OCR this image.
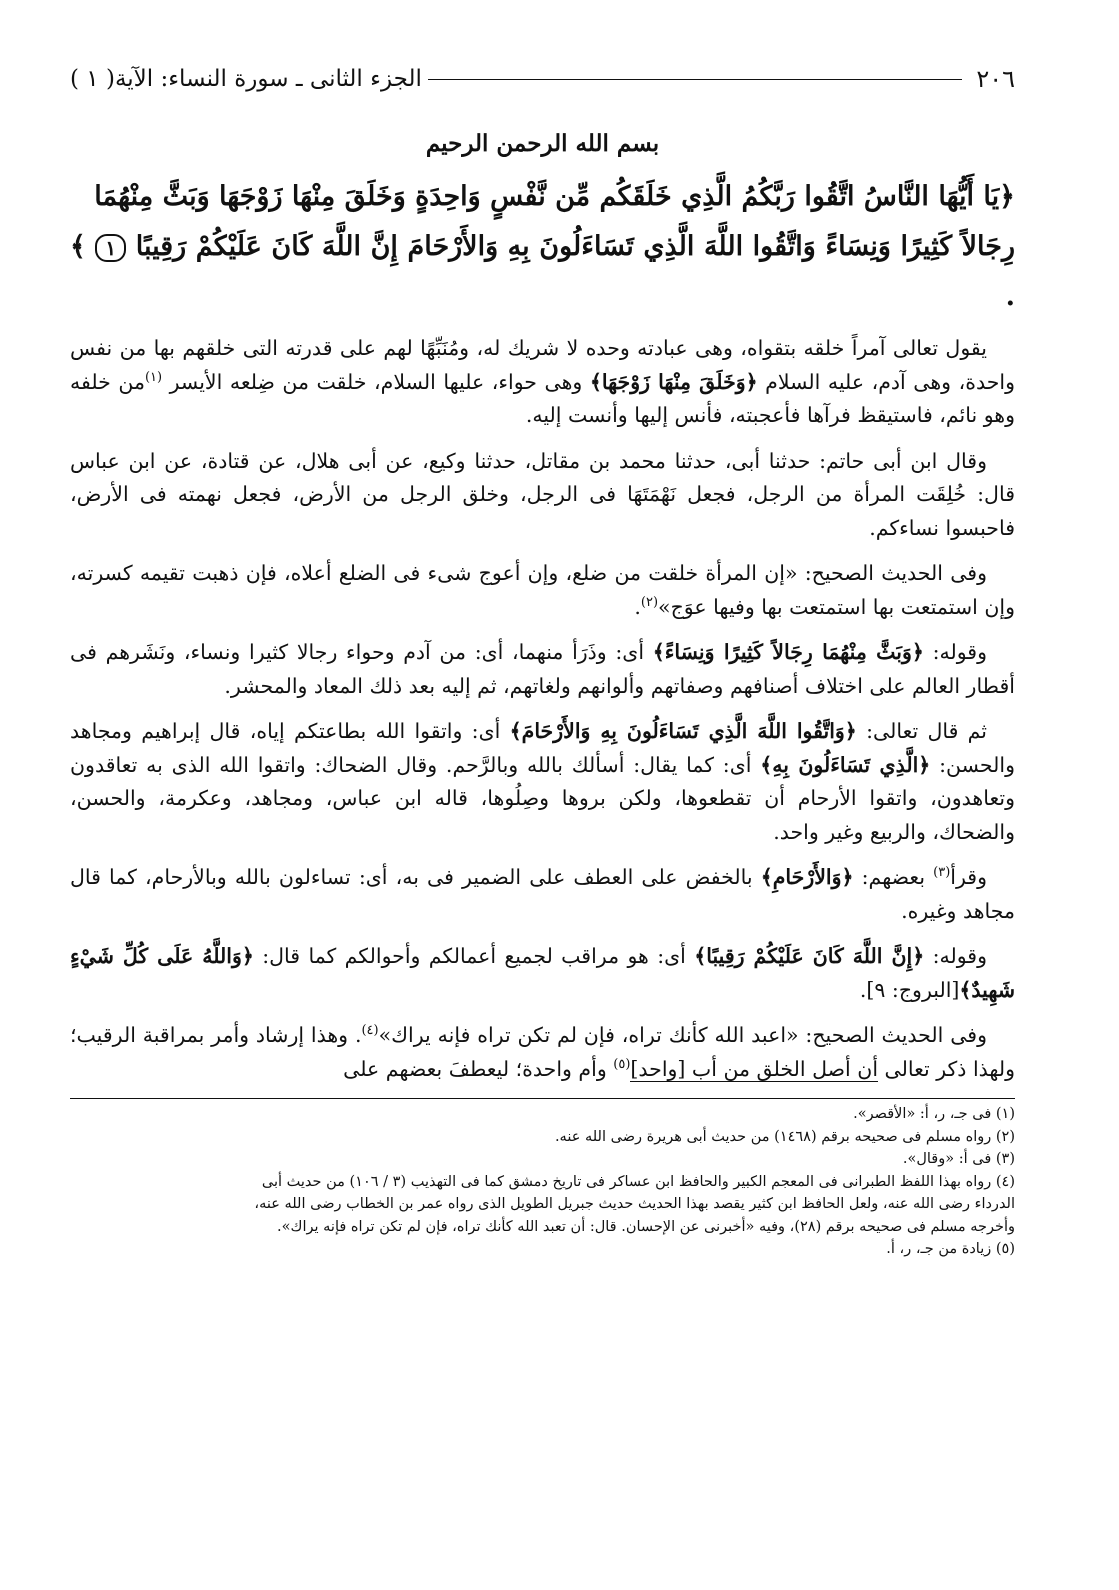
٢٠٦
الجزء الثانى ـ سورة النساء: الآية( ١ )
بسم الله الرحمن الرحيم
﴿يَا أَيُّهَا النَّاسُ اتَّقُوا رَبَّكُمُ الَّذِي خَلَقَكُم مِّن نَّفْسٍ وَاحِدَةٍ وَخَلَقَ مِنْهَا زَوْجَهَا وَبَثَّ مِنْهُمَا
رِجَالاً كَثِيرًا وَنِسَاءً وَاتَّقُوا اللَّهَ الَّذِي تَسَاءَلُونَ بِهِ وَالأَرْحَامَ إِنَّ اللَّهَ كَانَ عَلَيْكُمْ رَقِيبًا ١ ﴾ .

يقول تعالى آمراً خلقه بتقواه، وهى عبادته وحده لا شريك له، ومُنَبِّهًا لهم على قدرته التى خلقهم بها من نفس واحدة، وهى آدم، عليه السلام ﴿وَخَلَقَ مِنْهَا زَوْجَهَا﴾ وهى حواء، عليها السلام، خلقت من ضِلعه الأيسر $^{(١)}$من خلفه وهو نائم، فاستيقظ فرآها فأعجبته، فأنس إليها وأنست إليه.

وقال ابن أبى حاتم: حدثنا أبى، حدثنا محمد بن مقاتل، حدثنا وكيع، عن أبى هلال، عن قتادة، عن ابن عباس قال: خُلِقَت المرأة من الرجل، فجعل نَهْمَتَهَا فى الرجل، وخلق الرجل من الأرض، فجعل نهمته فى الأرض، فاحبسوا نساءكم.

وفى الحديث الصحيح: «إن المرأة خلقت من ضلع، وإن أعوج شىء فى الضلع أعلاه، فإن ذهبت تقيمه كسرته، وإن استمتعت بها استمتعت بها وفيها عوَج»$^{(٢)}$.

وقوله: ﴿وَبَثَّ مِنْهُمَا رِجَالاً كَثِيرًا وَنِسَاءً﴾ أى: وذَرَأ منهما، أى: من آدم وحواء رجالا كثيرا ونساء، ونَشَرهم فى أقطار العالم على اختلاف أصنافهم وصفاتهم وألوانهم ولغاتهم، ثم إليه بعد ذلك المعاد والمحشر.

ثم قال تعالى: ﴿وَاتَّقُوا اللَّهَ الَّذِي تَسَاءَلُونَ بِهِ وَالأَرْحَامَ﴾ أى: واتقوا الله بطاعتكم إياه، قال إبراهيم ومجاهد والحسن: ﴿الَّذِي تَسَاءَلُونَ بِهِ﴾ أى: كما يقال: أسألك بالله وبالرَّحم. وقال الضحاك: واتقوا الله الذى به تعاقدون وتعاهدون، واتقوا الأرحام أن تقطعوها، ولكن بروها وصِلُوها، قاله ابن عباس، ومجاهد، وعكرمة، والحسن، والضحاك، والربيع وغير واحد.

وقرأ$^{(٣)}$ بعضهم: ﴿وَالأَرْحَامِ﴾ بالخفض على العطف على الضمير فى به، أى: تساءلون بالله وبالأرحام، كما قال مجاهد وغيره.

وقوله: ﴿إِنَّ اللَّهَ كَانَ عَلَيْكُمْ رَقِيبًا﴾ أى: هو مراقب لجميع أعمالكم وأحوالكم كما قال: ﴿وَاللَّهُ عَلَى كُلِّ شَيْءٍ شَهِيدٌ﴾[البروج: ٩].

وفى الحديث الصحيح: «اعبد الله كأنك تراه، فإن لم تكن تراه فإنه يراك»$^{(٤)}$. وهذا إرشاد وأمر بمراقبة الرقيب؛ ولهذا ذكر تعالى أن أصل الخلق من أب [واحد]$^{(٥)}$ وأم واحدة؛ ليعطفَ بعضهم على

(١) فى جـ، ر، أ: «الأقصر».

(٢) رواه مسلم فى صحيحه برقم (١٤٦٨) من حديث أبى هريرة رضى الله عنه.

(٣) فى أ: «وقال».

(٤) رواه بهذا اللفظ الطبرانى فى المعجم الكبير والحافظ ابن عساكر فى تاريخ دمشق كما فى التهذيب (٣ / ١٠٦) من حديث أبى

الدرداء رضى الله عنه، ولعل الحافظ ابن كثير يقصد بهذا الحديث حديث جبريل الطويل الذى رواه عمر بن الخطاب رضى الله عنه،

وأخرجه مسلم فى صحيحه برقم (٢٨)، وفيه «أخبرنى عن الإحسان. قال: أن تعبد الله كأنك تراه، فإن لم تكن تراه فإنه يراك».

(٥) زيادة من جـ، ر، أ.
